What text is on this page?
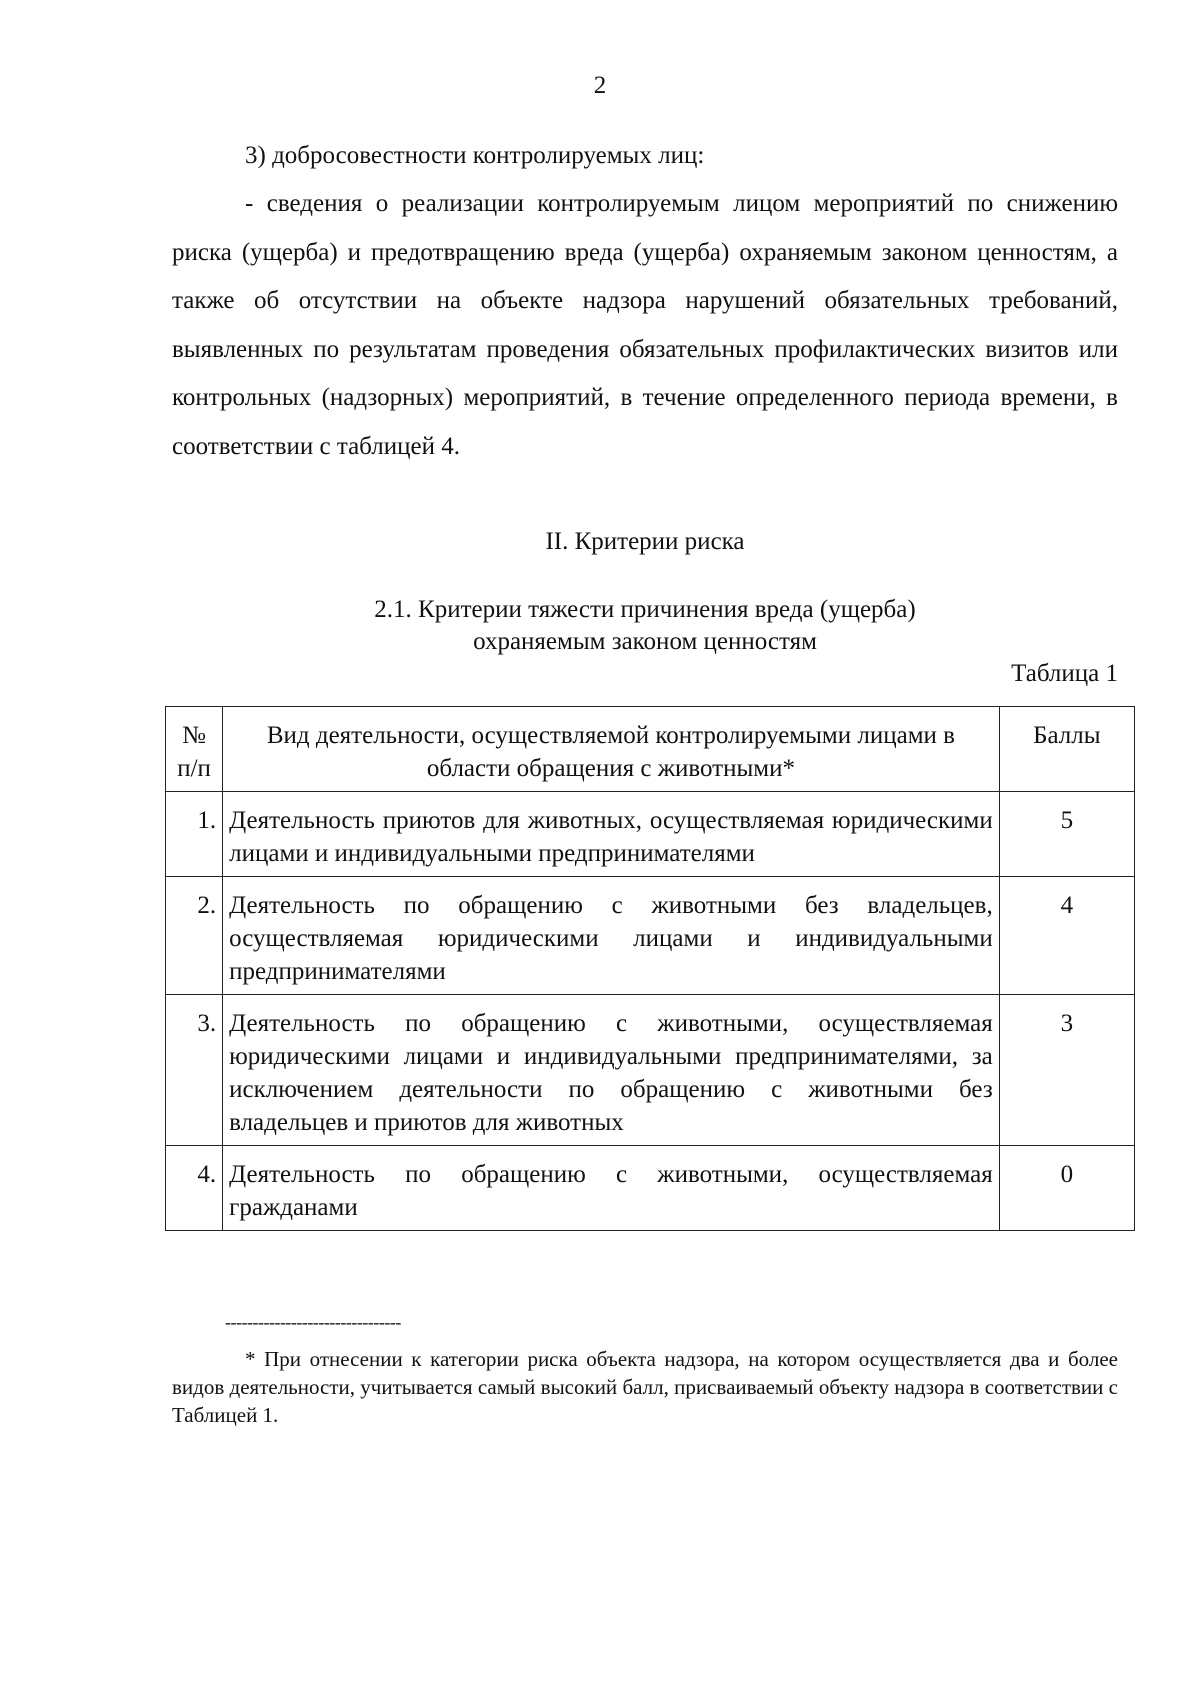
2
3) добросовестности контролируемых лиц:
- сведения о реализации контролируемым лицом мероприятий по снижению риска (ущерба) и предотвращению вреда (ущерба) охраняемым законом ценностям, а также об отсутствии на объекте надзора нарушений обязательных требований, выявленных по результатам проведения обязательных профилактических визитов или контрольных (надзорных) мероприятий, в течение определенного периода времени, в соответствии с таблицей 4.
II. Критерии риска
2.1. Критерии тяжести причинения вреда (ущерба)
охраняемым законом ценностям
Таблица 1
№ п/п	Вид деятельности, осуществляемой контролируемыми лицами в области обращения с животными*	Баллы
1.	Деятельность приютов для животных, осуществляемая юридическими лицами и индивидуальными предпринимателями	5
2.	Деятельность по обращению с животными без владельцев, осуществляемая юридическими лицами и индивидуальными предпринимателями	4
3.	Деятельность по обращению с животными, осуществляемая юридическими лицами и индивидуальными предпринимателями, за исключением деятельности по обращению с животными без владельцев и приютов для животных	3
4.	Деятельность по обращению с животными, осуществляемая гражданами	0
--------------------------------
* При отнесении к категории риска объекта надзора, на котором осуществляется два и более видов деятельности, учитывается самый высокий балл, присваиваемый объекту надзора в соответствии с Таблицей 1.
